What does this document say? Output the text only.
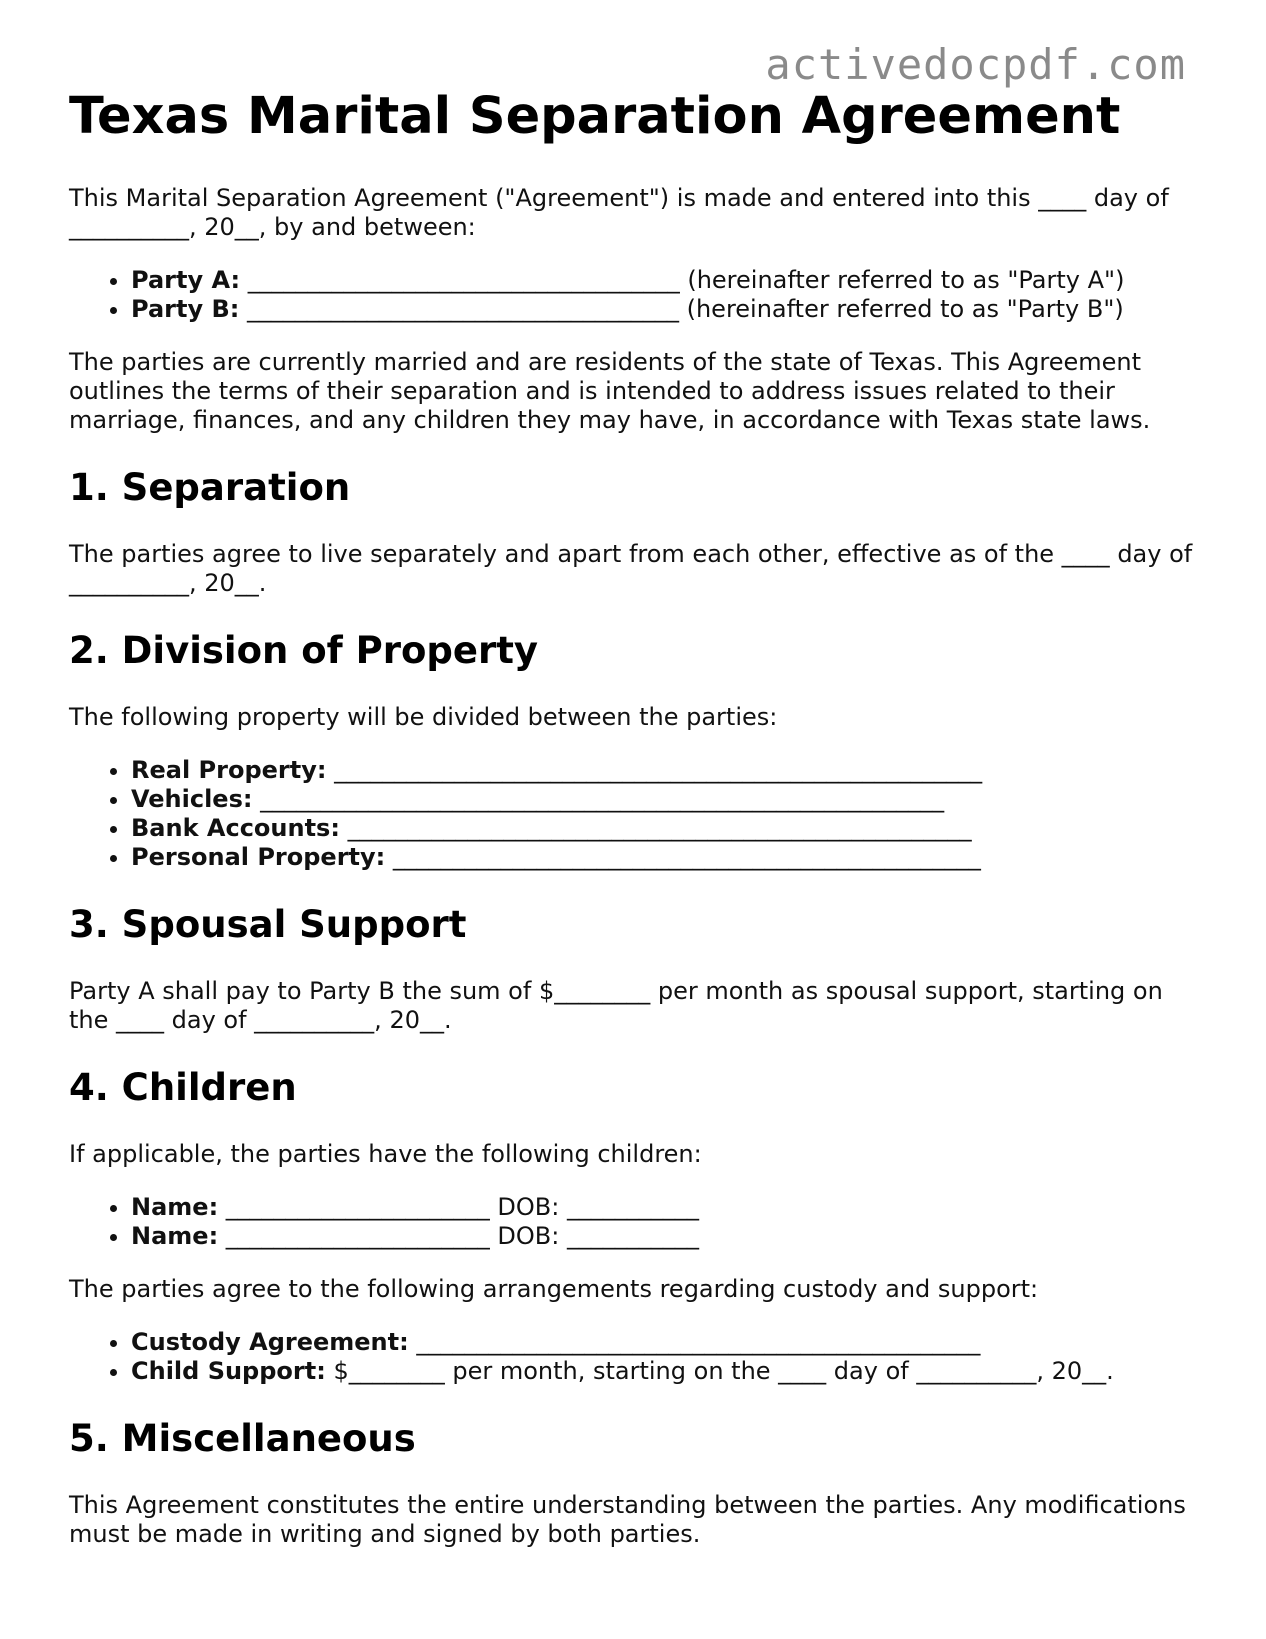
activedocpdf.com
Texas Marital Separation Agreement

This Marital Separation Agreement ("Agreement") is made and entered into this ____ day of __________, 20__, by and between:

• Party A: ____________________________________ (hereinafter referred to as "Party A")
• Party B: ____________________________________ (hereinafter referred to as "Party B")

The parties are currently married and are residents of the state of Texas. This Agreement outlines the terms of their separation and is intended to address issues related to their marriage, finances, and any children they may have, in accordance with Texas state laws.

1. Separation

The parties agree to live separately and apart from each other, effective as of the ____ day of __________, 20__.

2. Division of Property

The following property will be divided between the parties:

• Real Property: ______________________________________________________
• Vehicles: _________________________________________________________
• Bank Accounts: ____________________________________________________
• Personal Property: _________________________________________________
3. Spousal Support

Party A shall pay to Party B the sum of $________ per month as spousal support, starting on the ____ day of __________, 20__.

4. Children

If applicable, the parties have the following children:

• Name: ______________________ DOB: ___________
• Name: ______________________ DOB: ___________

The parties agree to the following arrangements regarding custody and support:

• Custody Agreement: _______________________________________________
• Child Support: $________ per month, starting on the ____ day of __________, 20__.
5. Miscellaneous

This Agreement constitutes the entire understanding between the parties. Any modifications must be made in writing and signed by both parties.
